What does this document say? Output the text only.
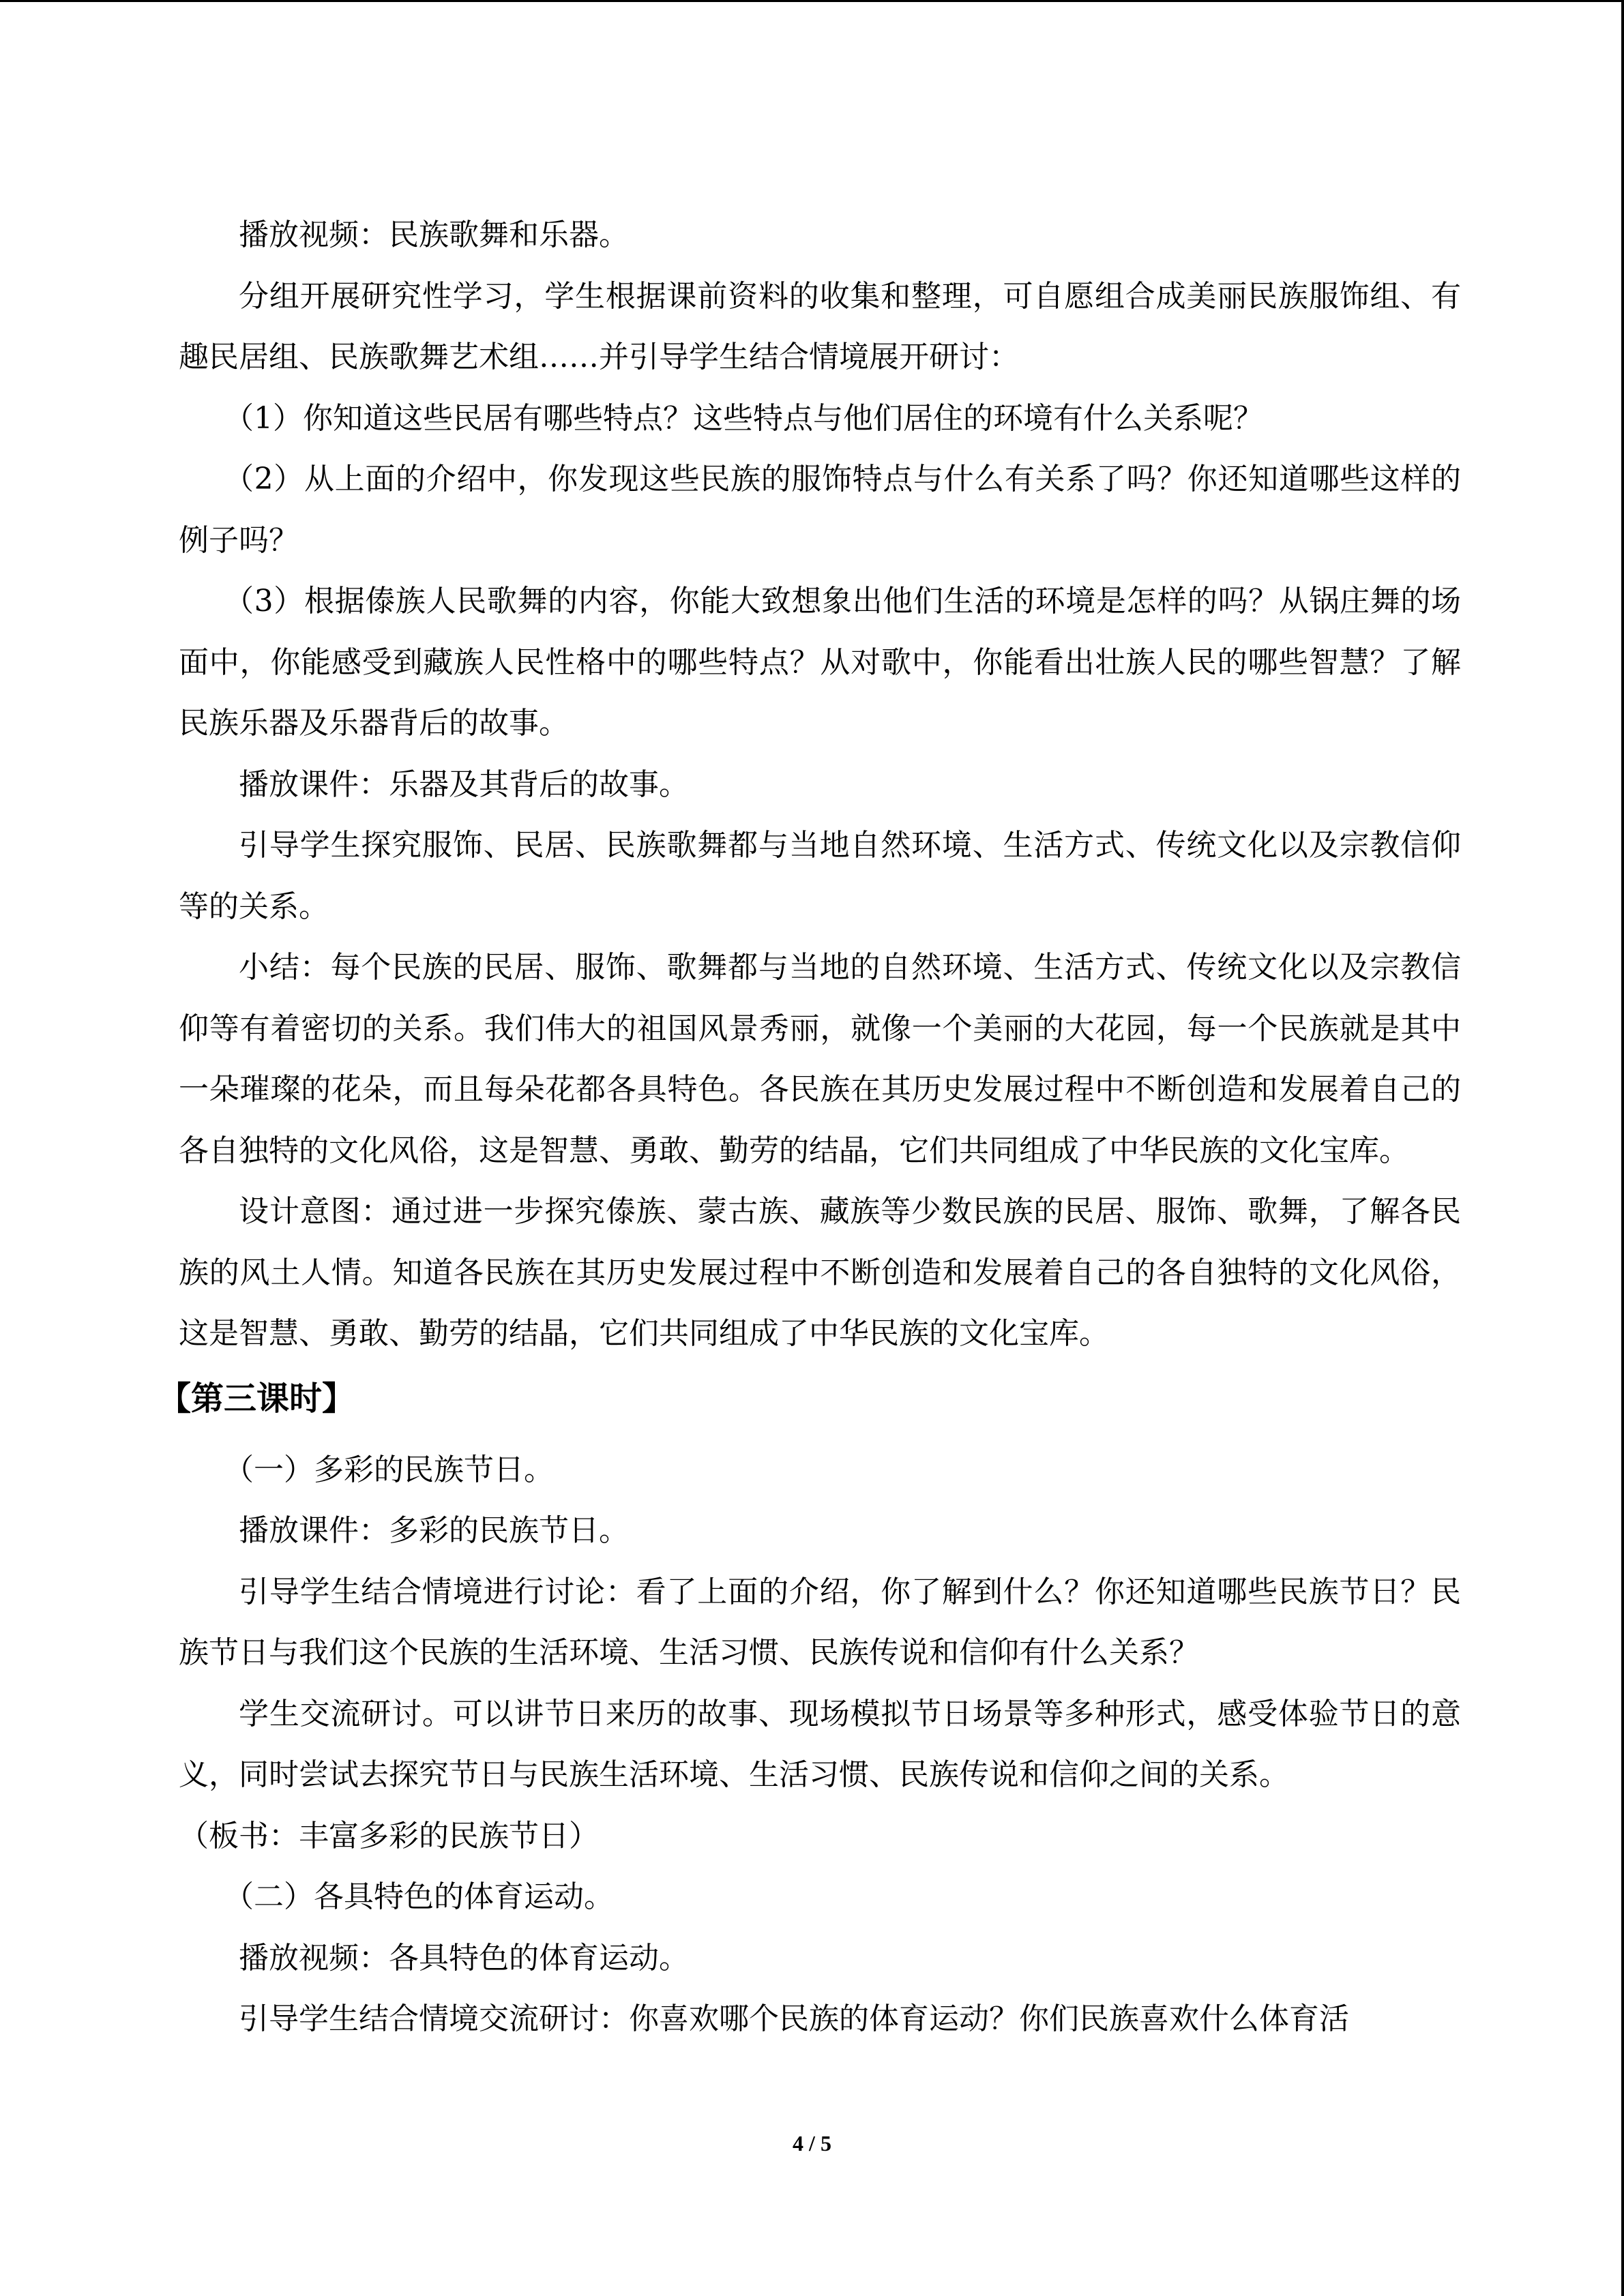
播放视频：民族歌舞和乐器。

分组开展研究性学习，学生根据课前资料的收集和整理，可自愿组合成美丽民族服饰组、有趣民居组、民族歌舞艺术组……并引导学生结合情境展开研讨：

（1）你知道这些民居有哪些特点？这些特点与他们居住的环境有什么关系呢？

（2）从上面的介绍中，你发现这些民族的服饰特点与什么有关系了吗？你还知道哪些这样的例子吗？

（3）根据傣族人民歌舞的内容，你能大致想象出他们生活的环境是怎样的吗？从锅庄舞的场面中，你能感受到藏族人民性格中的哪些特点？从对歌中，你能看出壮族人民的哪些智慧？了解民族乐器及乐器背后的故事。

播放课件：乐器及其背后的故事。

引导学生探究服饰、民居、民族歌舞都与当地自然环境、生活方式、传统文化以及宗教信仰等的关系。

小结：每个民族的民居、服饰、歌舞都与当地的自然环境、生活方式、传统文化以及宗教信仰等有着密切的关系。我们伟大的祖国风景秀丽，就像一个美丽的大花园，每一个民族就是其中一朵璀璨的花朵，而且每朵花都各具特色。各民族在其历史发展过程中不断创造和发展着自己的各自独特的文化风俗，这是智慧、勇敢、勤劳的结晶，它们共同组成了中华民族的文化宝库。

设计意图：通过进一步探究傣族、蒙古族、藏族等少数民族的民居、服饰、歌舞，了解各民族的风土人情。知道各民族在其历史发展过程中不断创造和发展着自己的各自独特的文化风俗，这是智慧、勇敢、勤劳的结晶，它们共同组成了中华民族的文化宝库。

【第三课时】

（一）多彩的民族节日。

播放课件：多彩的民族节日。

引导学生结合情境进行讨论：看了上面的介绍，你了解到什么？你还知道哪些民族节日？民族节日与我们这个民族的生活环境、生活习惯、民族传说和信仰有什么关系？

学生交流研讨。可以讲节日来历的故事、现场模拟节日场景等多种形式，感受体验节日的意义，同时尝试去探究节日与民族生活环境、生活习惯、民族传说和信仰之间的关系。

（板书：丰富多彩的民族节日）

（二）各具特色的体育运动。

播放视频：各具特色的体育运动。

引导学生结合情境交流研讨：你喜欢哪个民族的体育运动？你们民族喜欢什么体育活

4 / 5
